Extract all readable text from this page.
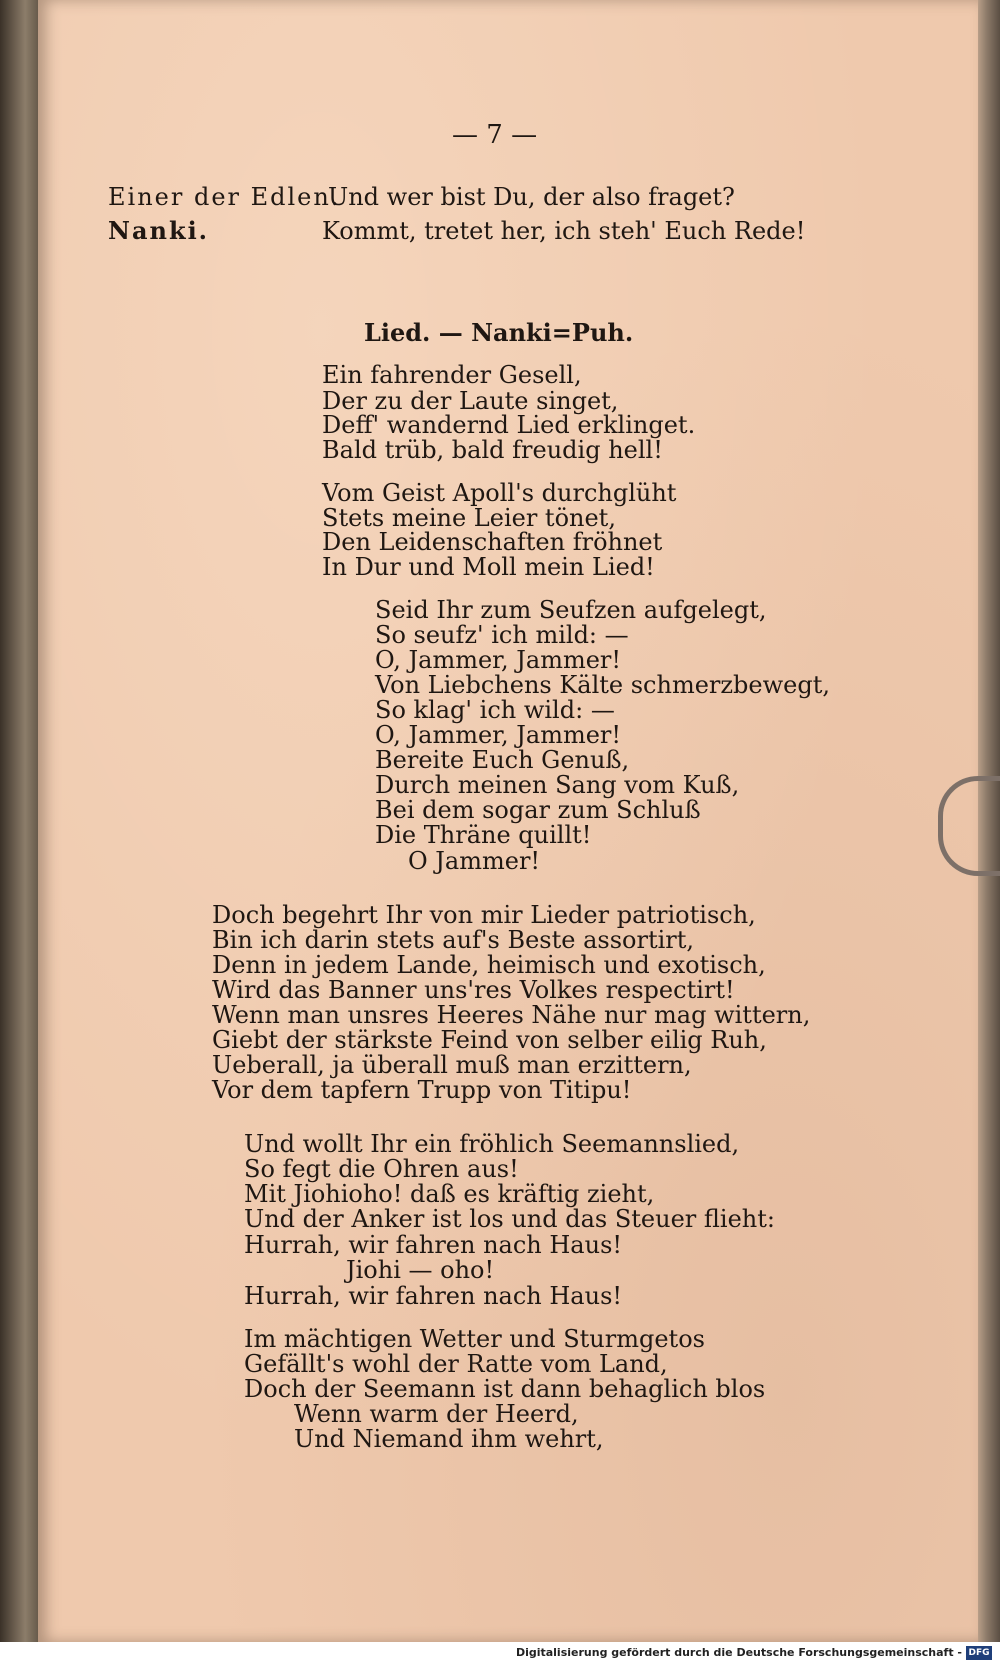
— 7 —
Einer der Edlen.
Und wer bist Du, der also fraget?
Nanki.	Kommt, tretet her, ich steh' Euch Rede!
Lied. — Nanki=Puh.
Ein fahrender Gesell,
Der zu der Laute singet,
Deff' wandernd Lied erklinget.
Bald trüb, bald freudig hell!
Vom Geist Apoll's durchglüht
Stets meine Leier tönet,
Den Leidenschaften fröhnet
In Dur und Moll mein Lied!
Seid Ihr zum Seufzen aufgelegt,
So seufz' ich mild: —
O, Jammer, Jammer!
Von Liebchens Kälte schmerzbewegt,
So klag' ich wild: —
O, Jammer, Jammer!
Bereite Euch Genuß,
Durch meinen Sang vom Kuß,
Bei dem sogar zum Schluß
Die Thräne quillt!
O Jammer!
Doch begehrt Ihr von mir Lieder patriotisch,
Bin ich darin stets auf's Beste assortirt,
Denn in jedem Lande, heimisch und exotisch,
Wird das Banner uns'res Volkes respectirt!
Wenn man unsres Heeres Nähe nur mag wittern,
Giebt der stärkste Feind von selber eilig Ruh,
Ueberall, ja überall muß man erzittern,
Vor dem tapfern Trupp von Titipu!
Und wollt Ihr ein fröhlich Seemannslied,
So fegt die Ohren aus!
Mit Jiohioho! daß es kräftig zieht,
Und der Anker ist los und das Steuer flieht:
Hurrah, wir fahren nach Haus!
Jiohi — oho!
Hurrah, wir fahren nach Haus!
Im mächtigen Wetter und Sturmgetos
Gefällt's wohl der Ratte vom Land,
Doch der Seemann ist dann behaglich blos
Wenn warm der Heerd,
Und Niemand ihm wehrt,
Digitalisierung gefördert durch die Deutsche Forschungsgemeinschaft - DFG
